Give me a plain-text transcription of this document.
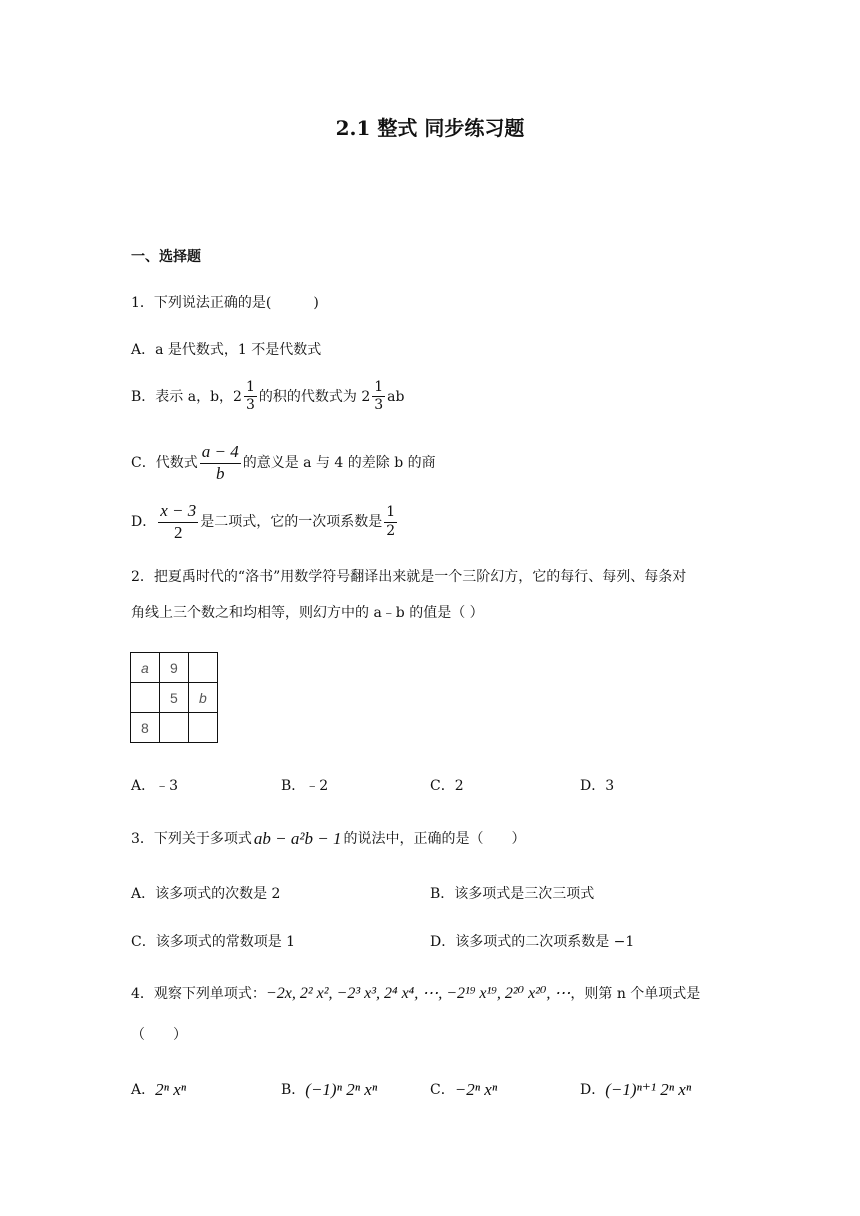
2.1 整式 同步练习题
一、选择题
1．下列说法正确的是(　　　)
A．a 是代数式，1 不是代数式
B．表示 a，b，$2 \frac{1}{3}$ 的积的代数式为 $2 \frac{1}{3}$ ab
C．代数式 $\frac{a - 4}{b}$ 的意义是 a 与 4 的差除 b 的商
D． $\frac{x - 3}{2}$ 是二项式，它的一次项系数是 $\frac{1}{2}$
2．把夏禹时代的“洛书”用数学符号翻译出来就是一个三阶幻方，它的每行、每列、每条对
角线上三个数之和均相等，则幻方中的 a﹣b 的值是（ ）
a	9	
	5	b
8		
A．﹣3	B．﹣2	C．2	D．3
3．下列关于多项式 ab − a²b − 1 的说法中，正确的是（　　）
A．该多项式的次数是 2	B．该多项式是三次三项式
C．该多项式的常数项是 1	D．该多项式的二次项系数是 −1
4．观察下列单项式： −2x, 2² x², −2³ x³, 2⁴ x⁴, ⋯, −2¹⁹ x¹⁹, 2²⁰ x²⁰, ⋯ ，则第 n 个单项式是
（　　）
A． 2ⁿ xⁿ	B． (−1)ⁿ 2ⁿ xⁿ	C． −2ⁿ xⁿ	D． (−1)ⁿ⁺¹ 2ⁿ xⁿ
